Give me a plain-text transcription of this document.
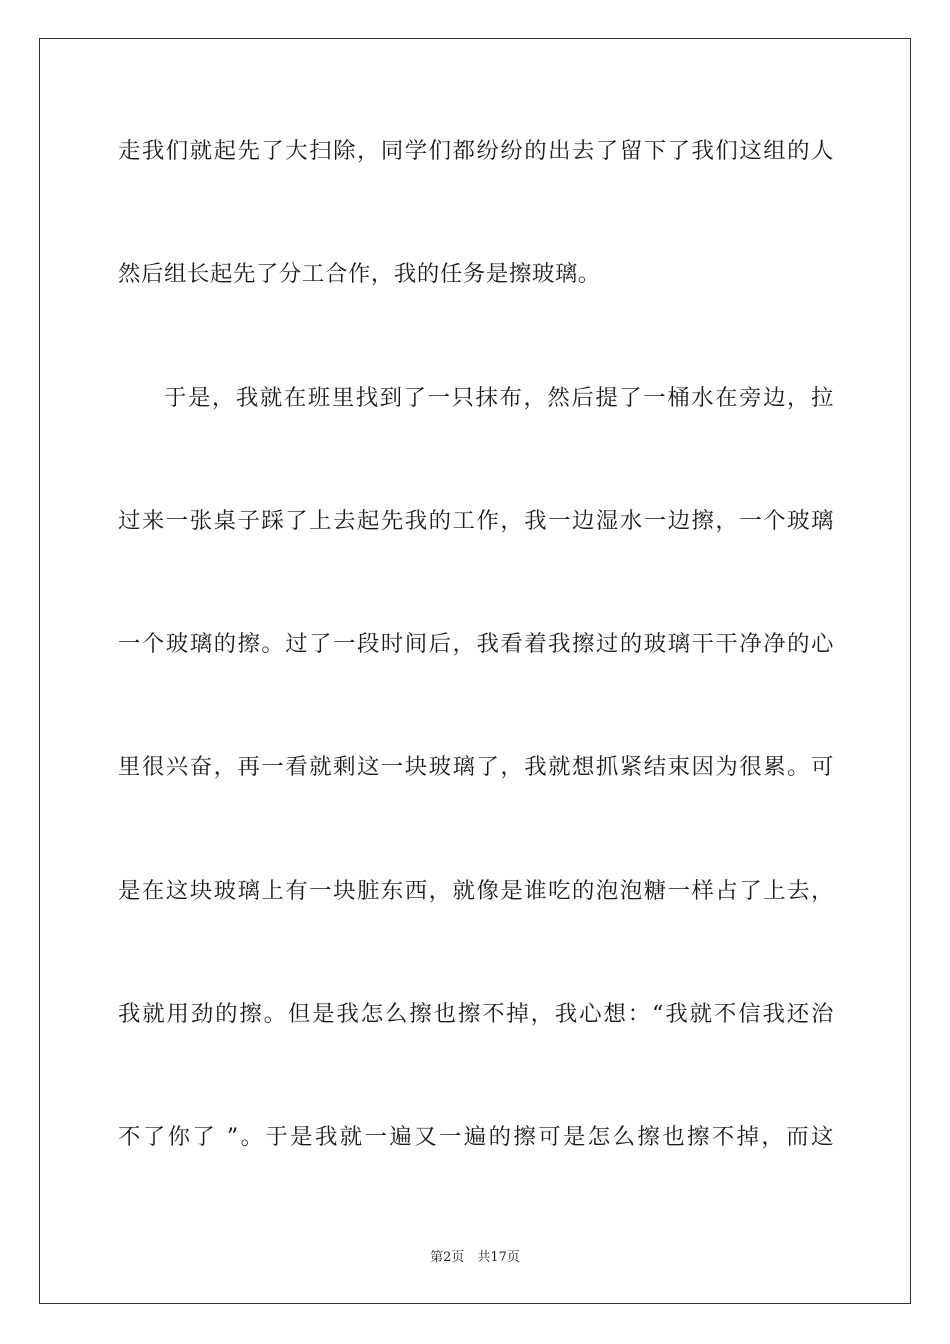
走我们就起先了大扫除，同学们都纷纷的出去了留下了我们这组的人
然后组长起先了分工合作，我的任务是擦玻璃。
于是，我就在班里找到了一只抹布，然后提了一桶水在旁边，拉
过来一张桌子踩了上去起先我的工作，我一边湿水一边擦，一个玻璃
一个玻璃的擦。过了一段时间后，我看着我擦过的玻璃干干净净的心
里很兴奋，再一看就剩这一块玻璃了，我就想抓紧结束因为很累。可
是在这块玻璃上有一块脏东西，就像是谁吃的泡泡糖一样占了上去，
我就用劲的擦。但是我怎么擦也擦不掉，我心想：“我就不信我还治
不了你了 ”。于是我就一遍又一遍的擦可是怎么擦也擦不掉，而这
第2页　共17页
